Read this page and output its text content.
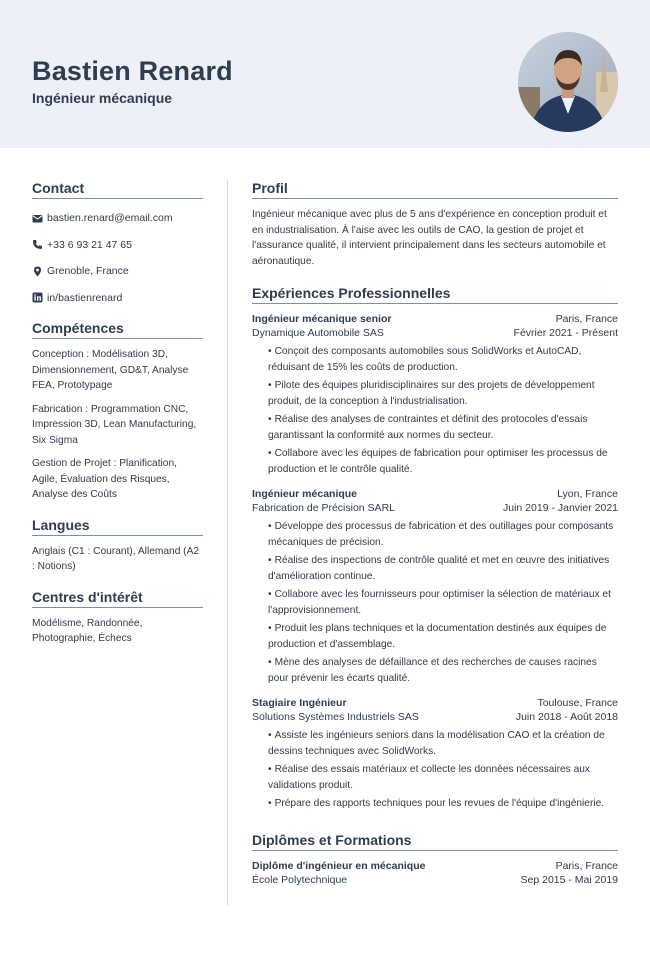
Bastien Renard
Ingénieur mécanique
Contact
bastien.renard@email.com
+33 6 93 21 47 65
Grenoble, France
in/bastienrenard
Compétences
Conception : Modélisation 3D, Dimensionnement, GD&T, Analyse FEA, Prototypage
Fabrication : Programmation CNC, Impression 3D, Lean Manufacturing, Six Sigma
Gestion de Projet : Planification, Agile, Évaluation des Risques, Analyse des Coûts
Langues
Anglais (C1 : Courant), Allemand (A2 : Notions)
Centres d'intérêt
Modélisme, Randonnée, Photographie, Échecs
Profil

Ingénieur mécanique avec plus de 5 ans d'expérience en conception produit et en industrialisation. À l'aise avec les outils de CAO, la gestion de projet et l'assurance qualité, il intervient principalement dans les secteurs automobile et aéronautique.

Expériences Professionnelles
Ingénieur mécanique senior	Paris, France
Dynamique Automobile SAS	Février 2021 - Présent
• Conçoit des composants automobiles sous SolidWorks et AutoCAD, réduisant de 15% les coûts de production.
• Pilote des équipes pluridisciplinaires sur des projets de développement produit, de la conception à l'industrialisation.
• Réalise des analyses de contraintes et définit des protocoles d'essais garantissant la conformité aux normes du secteur.
• Collabore avec les équipes de fabrication pour optimiser les processus de production et le contrôle qualité.
Ingénieur mécanique	Lyon, France
Fabrication de Précision SARL	Juin 2019 - Janvier 2021
• Développe des processus de fabrication et des outillages pour composants mécaniques de précision.
• Réalise des inspections de contrôle qualité et met en œuvre des initiatives d'amélioration continue.
• Collabore avec les fournisseurs pour optimiser la sélection de matériaux et l'approvisionnement.
• Produit les plans techniques et la documentation destinés aux équipes de production et d'assemblage.
• Mène des analyses de défaillance et des recherches de causes racines pour prévenir les écarts qualité.
Stagiaire Ingénieur	Toulouse, France
Solutions Systèmes Industriels SAS	Juin 2018 - Août 2018
• Assiste les ingénieurs seniors dans la modélisation CAO et la création de dessins techniques avec SolidWorks.
• Réalise des essais matériaux et collecte les données nécessaires aux validations produit.
• Prépare des rapports techniques pour les revues de l'équipe d'ingénierie.
Diplômes et Formations
Diplôme d'ingénieur en mécanique	Paris, France
École Polytechnique	Sep 2015 - Mai 2019
